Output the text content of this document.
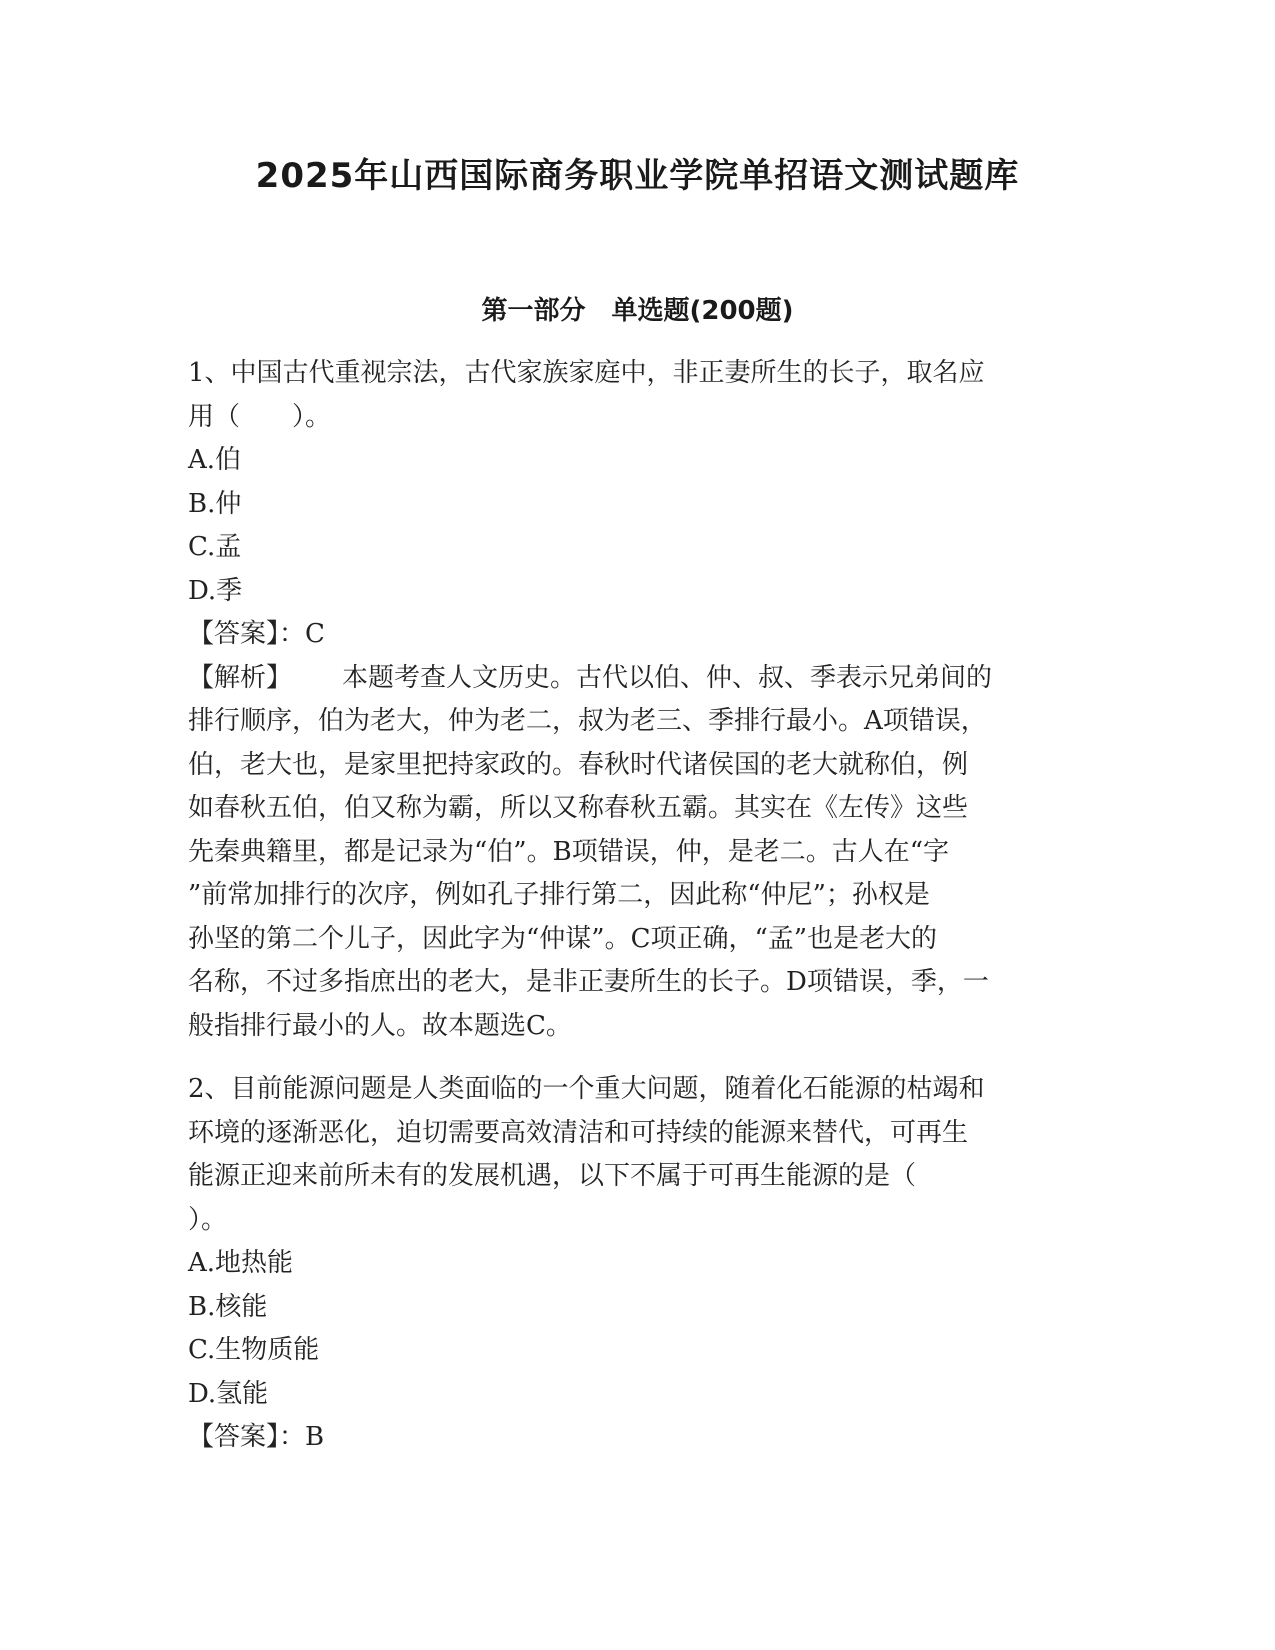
2025年山西国际商务职业学院单招语文测试题库
第一部分　单选题(200题)
1、中国古代重视宗法，古代家族家庭中，非正妻所生的长子，取名应
用（　　）。
A.伯
B.仲
C.孟
D.季
【答案】：C
【解析】 本题考查人文历史。古代以伯、仲、叔、季表示兄弟间的
排行顺序，伯为老大，仲为老二，叔为老三、季排行最小。A项错误，
伯，老大也，是家里把持家政的。春秋时代诸侯国的老大就称伯，例
如春秋五伯，伯又称为霸，所以又称春秋五霸。其实在《左传》这些
先秦典籍里，都是记录为“伯”。B项错误，仲，是老二。古人在“字
”前常加排行的次序，例如孔子排行第二，因此称“仲尼”；孙权是
孙坚的第二个儿子，因此字为“仲谋”。C项正确，“孟”也是老大的
名称，不过多指庶出的老大，是非正妻所生的长子。D项错误，季，一
般指排行最小的人。故本题选C。
2、目前能源问题是人类面临的一个重大问题，随着化石能源的枯竭和
环境的逐渐恶化，迫切需要高效清洁和可持续的能源来替代，可再生
能源正迎来前所未有的发展机遇，以下不属于可再生能源的是（
）。
A.地热能
B.核能
C.生物质能
D.氢能
【答案】：B
